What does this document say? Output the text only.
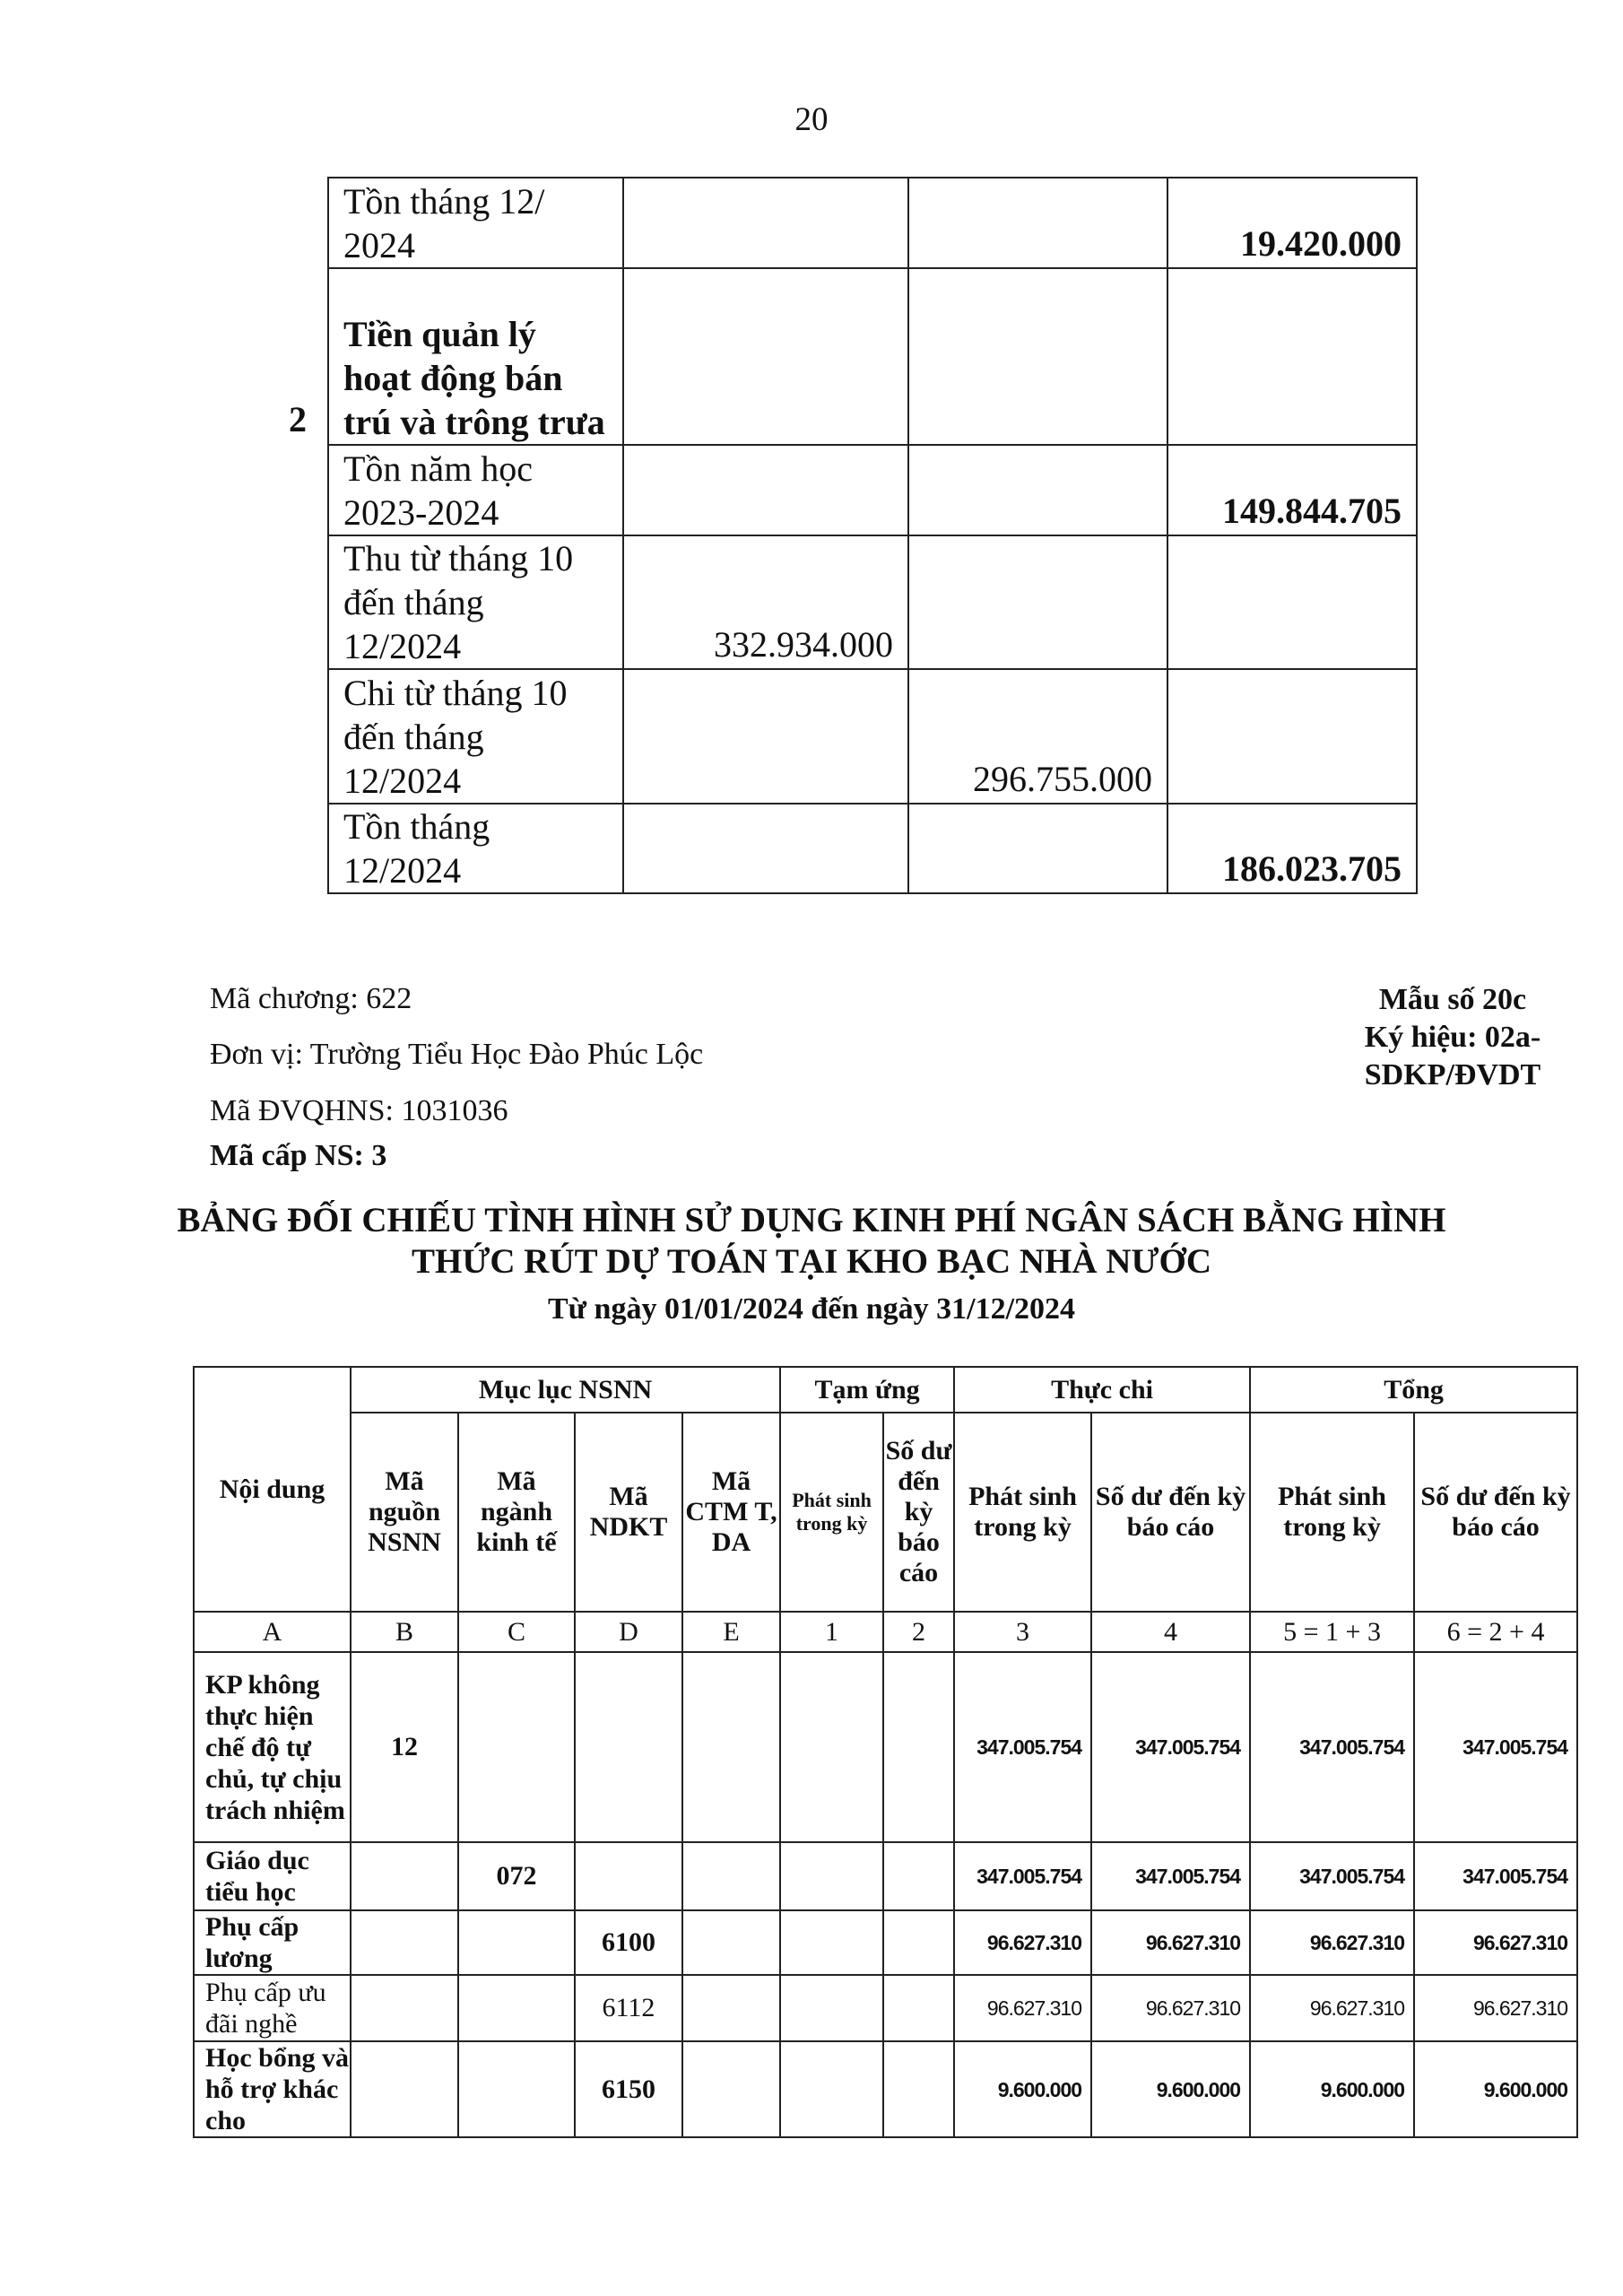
20
2
Tồn tháng 12/ 2024			19.420.000
Tiền quản lý hoạt động bán trú và trông trưa			
Tồn năm học 2023-2024			149.844.705
Thu từ tháng 10 đến tháng 12/2024	332.934.000		
Chi từ tháng 10 đến tháng 12/2024		296.755.000	
Tồn tháng 12/2024			186.023.705
Mã chương: 622
Đơn vị: Trường Tiểu Học Đào Phúc Lộc
Mã ĐVQHNS: 1031036
Mã cấp NS: 3
Mẫu số 20c
Ký hiệu: 02a-
SDKP/ĐVDT
BẢNG ĐỐI CHIẾU TÌNH HÌNH SỬ DỤNG KINH PHÍ NGÂN SÁCH BẰNG HÌNH
THỨC RÚT DỰ TOÁN TẠI KHO BẠC NHÀ NƯỚC
Từ ngày 01/01/2024 đến ngày 31/12/2024
Nội dung	Mục lục NSNN				Tạm ứng		Thực chi		Tổng	
	Mã nguồn NSNN	Mã ngành kinh tế	Mã NDKT	Mã CTM T, DA	Phát sinh trong kỳ	Số dư đến kỳ báo cáo	Phát sinh trong kỳ	Số dư đến kỳ báo cáo	Phát sinh trong kỳ	Số dư đến kỳ báo cáo
A	B	C	D	E	1	2	3	4	5 = 1 + 3	6 = 2 + 4
KP không thực hiện chế độ tự chủ, tự chịu trách nhiệm	12						347.005.754	347.005.754	347.005.754	347.005.754
Giáo dục tiểu học		072					347.005.754	347.005.754	347.005.754	347.005.754
Phụ cấp lương			6100				96.627.310	96.627.310	96.627.310	96.627.310
Phụ cấp ưu đãi nghề			6112				96.627.310	96.627.310	96.627.310	96.627.310
Học bổng và hỗ trợ khác cho			6150				9.600.000	9.600.000	9.600.000	9.600.000
